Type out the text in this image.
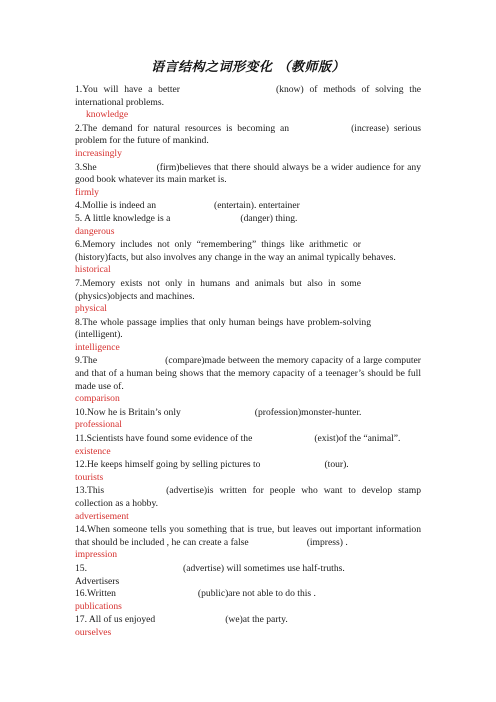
语言结构之词形变化 （教师版）

1.You will have a better	(know) of methods of solving the international problems.

knowledge

2.The demand for natural resources is becoming an	(increase) serious problem for the future of mankind.

increasingly

3.She	(firm)believes that there should always be a wider audience for any good book whatever its main market is.

firmly

4.Mollie is indeed an	(entertain). entertainer

5. A little knowledge is a	(danger) thing.

dangerous

6.Memory includes not only “remembering” things like arithmetic or(history)facts, but also involves any change in the way an animal typically behaves.

historical

7.Memory exists not only in humans and animals but also in some(physics)objects and machines.

physical

8.The whole passage implies that only human beings have problem-solving(intelligent).

intelligence

9.The	(compare)made between the memory capacity of a large computer and that of a human being shows that the memory capacity of a teenager’s should be full made use of.

comparison

10.Now he is Britain’s only	(profession)monster-hunter.

professional

11.Scientists have found some evidence of the	(exist)of the “animal”.

existence

12.He keeps himself going by selling pictures to	(tour).

tourists

13.This	(advertise)is written for people who want to develop stamp collection as a hobby.

advertisement

14.When someone tells you something that is true, but leaves out important information that should be included , he can create a false	(impress) .

impression

15.	(advertise) will sometimes use half-truths.

Advertisers

16.Written	(public)are not able to do this .

publications

17. All of us enjoyed	(we)at the party.

ourselves
